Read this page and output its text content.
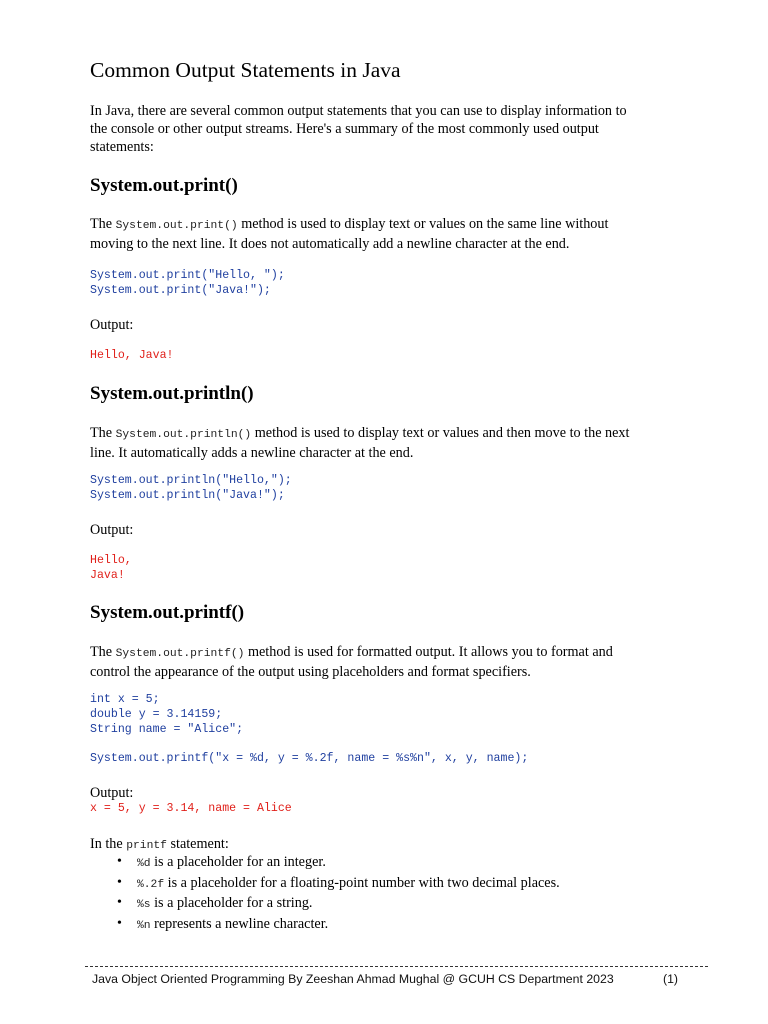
Common Output Statements in Java
In Java, there are several common output statements that you can use to display information to
the console or other output streams. Here's a summary of the most commonly used output
statements:
System.out.print()
The System.out.print() method is used to display text or values on the same line without
moving to the next line. It does not automatically add a newline character at the end.
System.out.print("Hello, ");
System.out.print("Java!");
Output:
Hello, Java!
System.out.println()
The System.out.println() method is used to display text or values and then move to the next
line. It automatically adds a newline character at the end.
System.out.println("Hello,");
System.out.println("Java!");
Output:
Hello,
Java!
System.out.printf()
The System.out.printf() method is used for formatted output. It allows you to format and
control the appearance of the output using placeholders and format specifiers.
int x = 5;
double y = 3.14159;
String name = "Alice";
System.out.printf("x = %d, y = %.2f, name = %s%n", x, y, name);
Output:
x = 5, y = 3.14, name = Alice
In the printf statement:
• %d is a placeholder for an integer.
• %.2f is a placeholder for a floating-point number with two decimal places.
• %s is a placeholder for a string.
• %n represents a newline character.
Java Object Oriented Programming By Zeeshan Ahmad Mughal @ GCUH CS Department 2023	(1)
